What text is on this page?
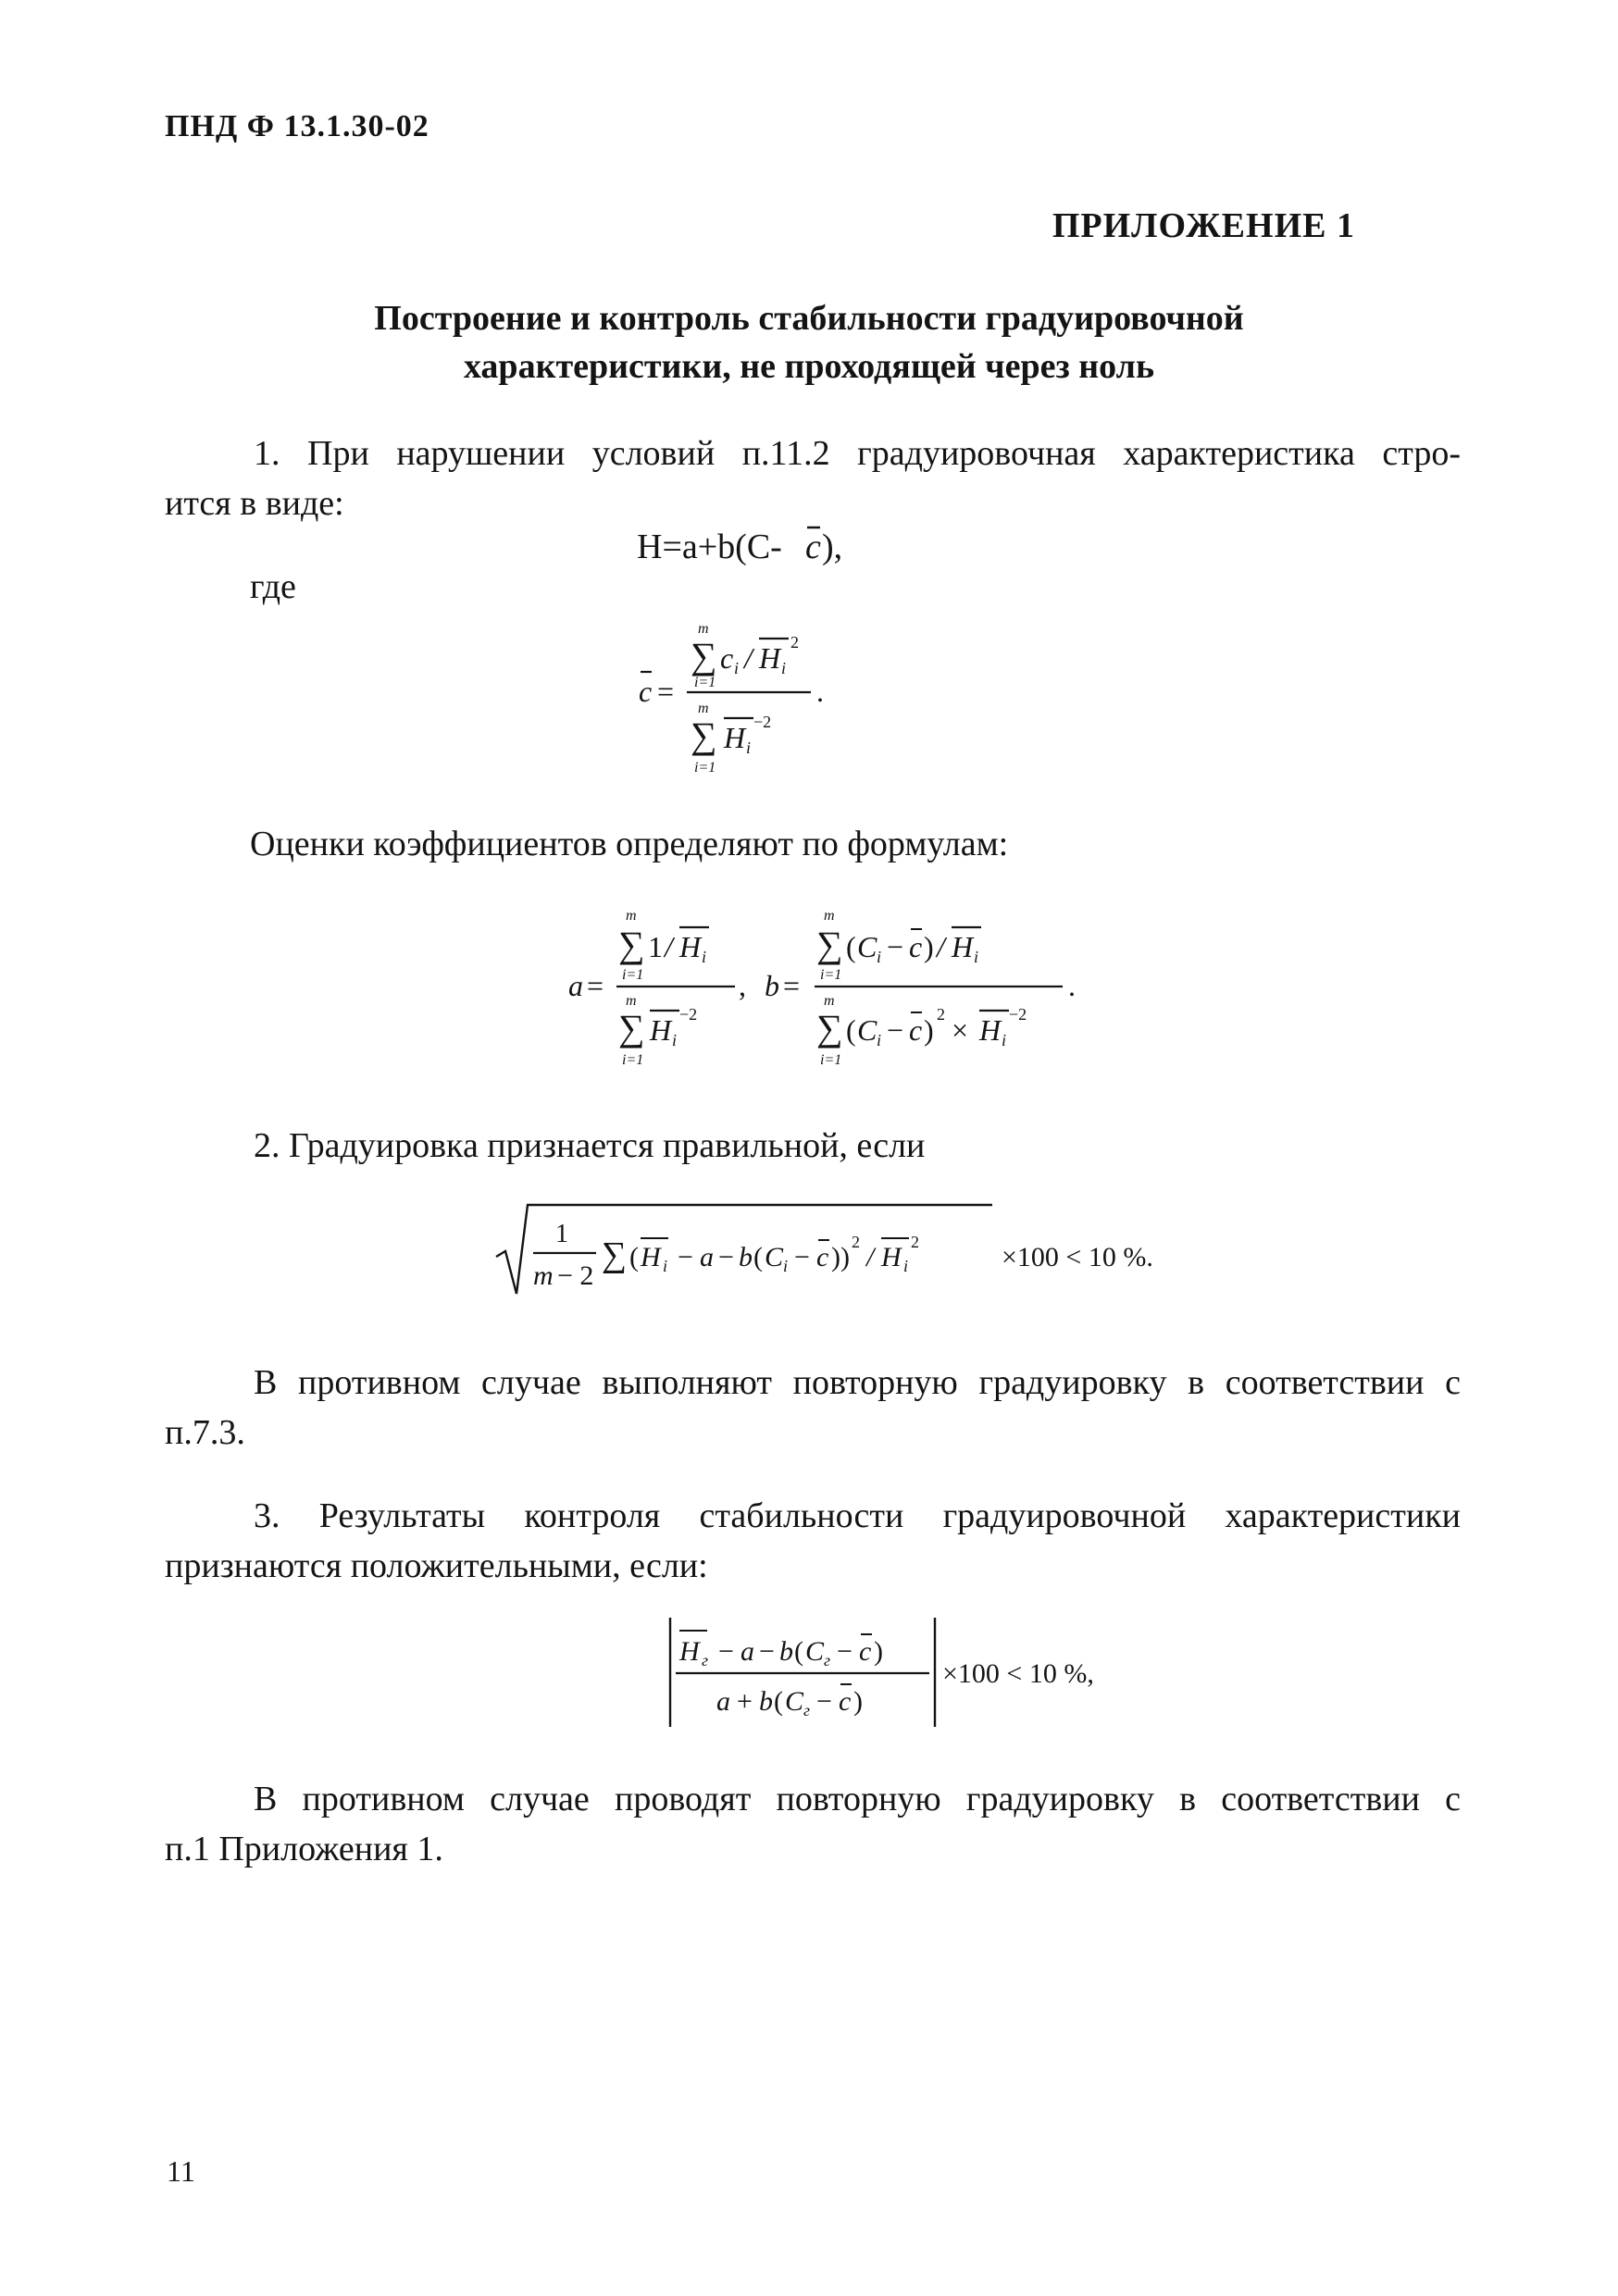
ПНД Ф 13.1.30-02
ПРИЛОЖЕНИЕ 1
Построение и контроль стабильности градуировочной
характеристики, не проходящей через ноль
1. При нарушении условий п.11.2 градуировочная характеристика стро-
ится в виде:
H=a+b(C- c ),
где
c =
m
∑ c i / H i
2
i=1	.
m
∑ H i
−2
i=1
Оценки коэффициентов определяют по формулам:
a =
m
∑ 1 / H i
i=1	,
m
∑ H i
−2
i=1
b =
m
∑ ( C i − c ) / H i
i=1	.
m
∑ ( C i − c ) 2 × H i
−2
i=1
2. Градуировка признается правильной, если
1
m − 2
∑ ( H i − a − b ( C i − c )) 2 / H i
2	×100 < 10 %.
В противном случае выполняют повторную градуировку в соответствии с
п.7.3.
3. Результаты контроля стабильности градуировочной характеристики
признаются положительными, если:
H г − a − b ( C г − c )
a + b ( C г − c )
×100 < 10 %,
В противном случае проводят повторную градуировку в соответствии с
п.1 Приложения 1.
11
